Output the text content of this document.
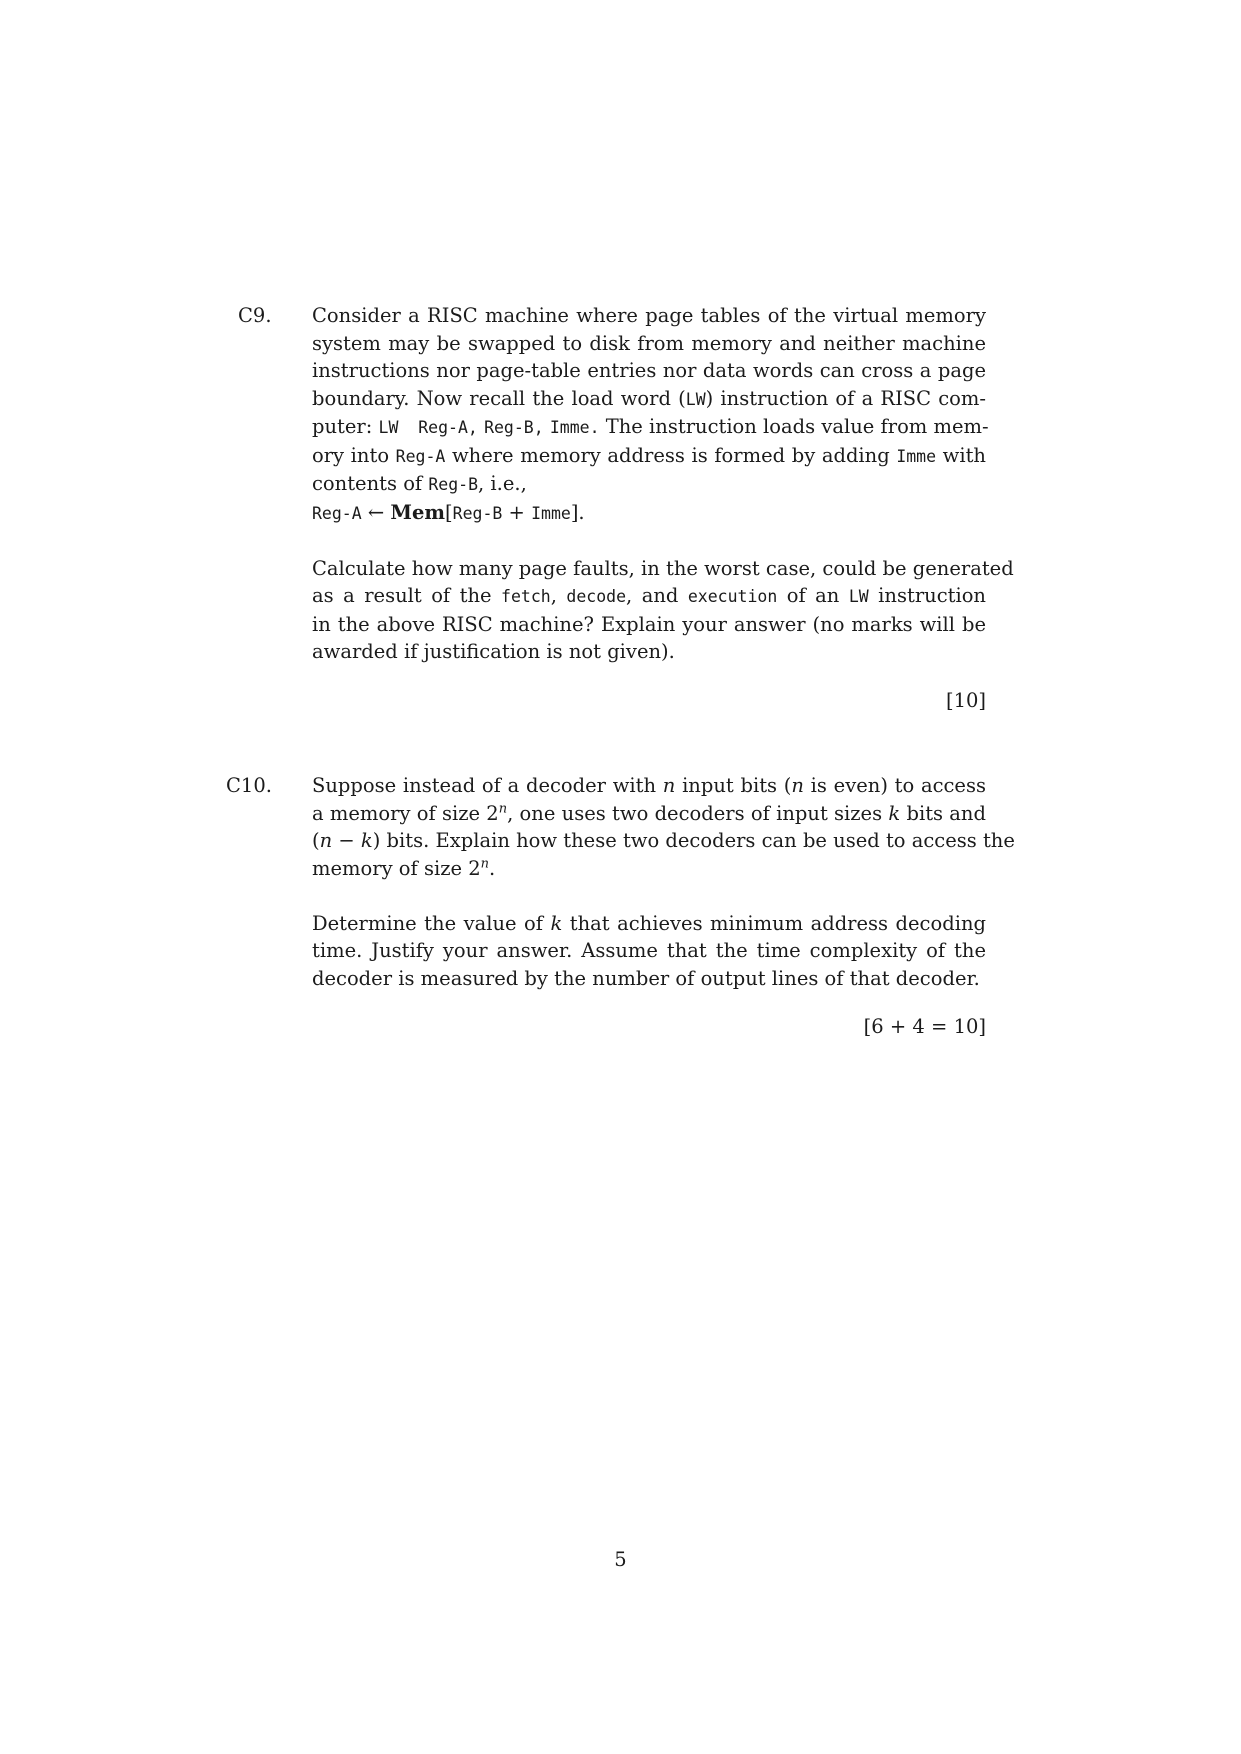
C9.	Consider a RISC machine where page tables of the virtual memory
system may be swapped to disk from memory and neither machine
instructions nor page-table entries nor data words can cross a page
boundary. Now recall the load word (LW) instruction of a RISC com-
puter: LW  Reg-A, Reg-B, Imme. The instruction loads value from mem-
ory into Reg-A where memory address is formed by adding Imme with
contents of Reg-B, i.e.,
Reg-A ← Mem[Reg-B + Imme].
Calculate how many page faults, in the worst case, could be generated
as a result of the fetch, decode, and execution of an LW instruction
in the above RISC machine? Explain your answer (no marks will be
awarded if justification is not given).
[10]
C10.	Suppose instead of a decoder with n input bits (n is even) to access
a memory of size 2$^n$, one uses two decoders of input sizes k bits and
(n − k) bits. Explain how these two decoders can be used to access the
memory of size 2$^n$.
Determine the value of k that achieves minimum address decoding
time. Justify your answer. Assume that the time complexity of the
decoder is measured by the number of output lines of that decoder.
[6 + 4 = 10]
5
